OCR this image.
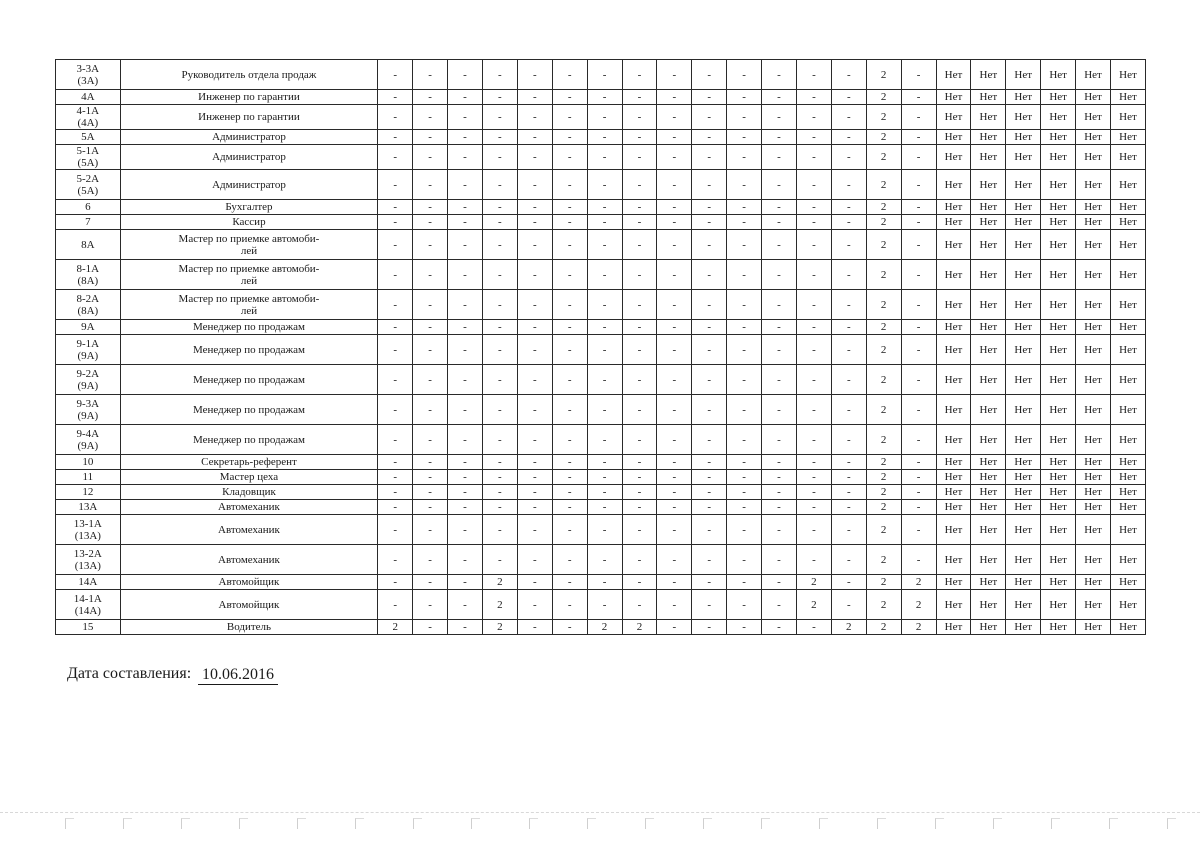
3-3А
(3А)	Руководитель отдела продаж	-	-	-	-	-	-	-	-	-	-	-	-	-	-	2	-	Нет	Нет	Нет	Нет	Нет	Нет
4А	Инженер по гарантии	-	-	-	-	-	-	-	-	-	-	-	-	-	-	2	-	Нет	Нет	Нет	Нет	Нет	Нет
4-1А
(4А)	Инженер по гарантии	-	-	-	-	-	-	-	-	-	-	-	-	-	-	2	-	Нет	Нет	Нет	Нет	Нет	Нет
5А	Администратор	-	-	-	-	-	-	-	-	-	-	-	-	-	-	2	-	Нет	Нет	Нет	Нет	Нет	Нет
5-1А
(5А)	Администратор	-	-	-	-	-	-	-	-	-	-	-	-	-	-	2	-	Нет	Нет	Нет	Нет	Нет	Нет
5-2А
(5А)	Администратор	-	-	-	-	-	-	-	-	-	-	-	-	-	-	2	-	Нет	Нет	Нет	Нет	Нет	Нет
6	Бухгалтер	-	-	-	-	-	-	-	-	-	-	-	-	-	-	2	-	Нет	Нет	Нет	Нет	Нет	Нет
7	Кассир	-	-	-	-	-	-	-	-	-	-	-	-	-	-	2	-	Нет	Нет	Нет	Нет	Нет	Нет
8А	Мастер по приемке автомоби-
лей	-	-	-	-	-	-	-	-	-	-	-	-	-	-	2	-	Нет	Нет	Нет	Нет	Нет	Нет
8-1А
(8А)	Мастер по приемке автомоби-
лей	-	-	-	-	-	-	-	-	-	-	-	-	-	-	2	-	Нет	Нет	Нет	Нет	Нет	Нет
8-2А
(8А)	Мастер по приемке автомоби-
лей	-	-	-	-	-	-	-	-	-	-	-	-	-	-	2	-	Нет	Нет	Нет	Нет	Нет	Нет
9А	Менеджер по продажам	-	-	-	-	-	-	-	-	-	-	-	-	-	-	2	-	Нет	Нет	Нет	Нет	Нет	Нет
9-1А
(9А)	Менеджер по продажам	-	-	-	-	-	-	-	-	-	-	-	-	-	-	2	-	Нет	Нет	Нет	Нет	Нет	Нет
9-2А
(9А)	Менеджер по продажам	-	-	-	-	-	-	-	-	-	-	-	-	-	-	2	-	Нет	Нет	Нет	Нет	Нет	Нет
9-3А
(9А)	Менеджер по продажам	-	-	-	-	-	-	-	-	-	-	-	-	-	-	2	-	Нет	Нет	Нет	Нет	Нет	Нет
9-4А
(9А)	Менеджер по продажам	-	-	-	-	-	-	-	-	-	-	-	-	-	-	2	-	Нет	Нет	Нет	Нет	Нет	Нет
10	Секретарь-референт	-	-	-	-	-	-	-	-	-	-	-	-	-	-	2	-	Нет	Нет	Нет	Нет	Нет	Нет
11	Мастер цеха	-	-	-	-	-	-	-	-	-	-	-	-	-	-	2	-	Нет	Нет	Нет	Нет	Нет	Нет
12	Кладовщик	-	-	-	-	-	-	-	-	-	-	-	-	-	-	2	-	Нет	Нет	Нет	Нет	Нет	Нет
13А	Автомеханик	-	-	-	-	-	-	-	-	-	-	-	-	-	-	2	-	Нет	Нет	Нет	Нет	Нет	Нет
13-1А
(13А)	Автомеханик	-	-	-	-	-	-	-	-	-	-	-	-	-	-	2	-	Нет	Нет	Нет	Нет	Нет	Нет
13-2А
(13А)	Автомеханик	-	-	-	-	-	-	-	-	-	-	-	-	-	-	2	-	Нет	Нет	Нет	Нет	Нет	Нет
14А	Автомойщик	-	-	-	2	-	-	-	-	-	-	-	-	2	-	2	2	Нет	Нет	Нет	Нет	Нет	Нет
14-1А
(14А)	Автомойщик	-	-	-	2	-	-	-	-	-	-	-	-	2	-	2	2	Нет	Нет	Нет	Нет	Нет	Нет
15	Водитель	2	-	-	2	-	-	2	2	-	-	-	-	-	2	2	2	Нет	Нет	Нет	Нет	Нет	Нет
Дата составления: 10.06.2016
